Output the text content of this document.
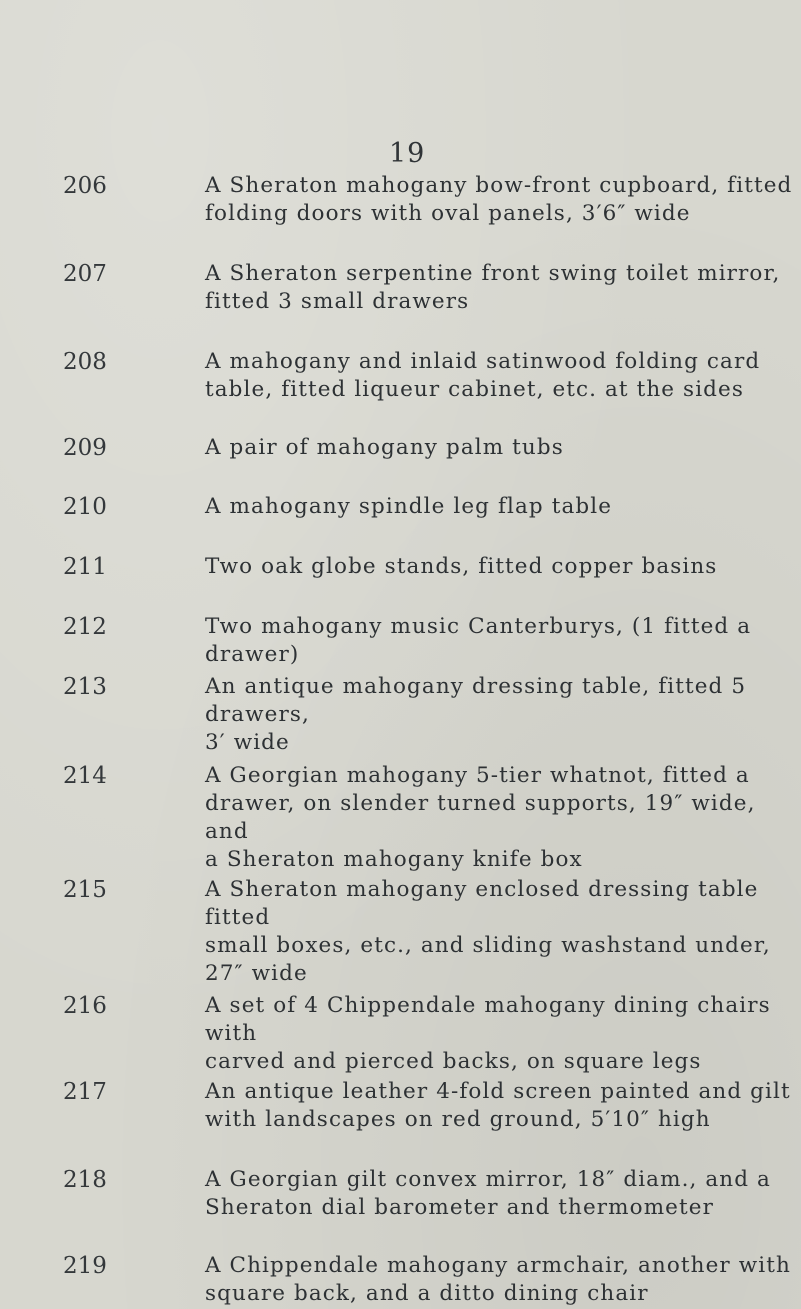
19
206	A Sheraton mahogany bow-front cupboard, fitted
folding doors with oval panels, 3′6″ wide
207	A Sheraton serpentine front swing toilet mirror,
fitted 3 small drawers
208	A mahogany and inlaid satinwood folding card
table, fitted liqueur cabinet, etc. at the sides
209	A pair of mahogany palm tubs
210	A mahogany spindle leg flap table
211	Two oak globe stands, fitted copper basins
212	Two mahogany music Canterburys, (1 fitted a drawer)
213	An antique mahogany dressing table, fitted 5 drawers,
3′ wide
214	A Georgian mahogany 5-tier whatnot, fitted a
drawer, on slender turned supports, 19″ wide, and
a Sheraton mahogany knife box
215	A Sheraton mahogany enclosed dressing table fitted
small boxes, etc., and sliding washstand under,
27″ wide
216	A set of 4 Chippendale mahogany dining chairs with
carved and pierced backs, on square legs
217	An antique leather 4-fold screen painted and gilt
with landscapes on red ground, 5′10″ high
218	A Georgian gilt convex mirror, 18″ diam., and a
Sheraton dial barometer and thermometer
219	A Chippendale mahogany armchair, another with
square back, and a ditto dining chair
